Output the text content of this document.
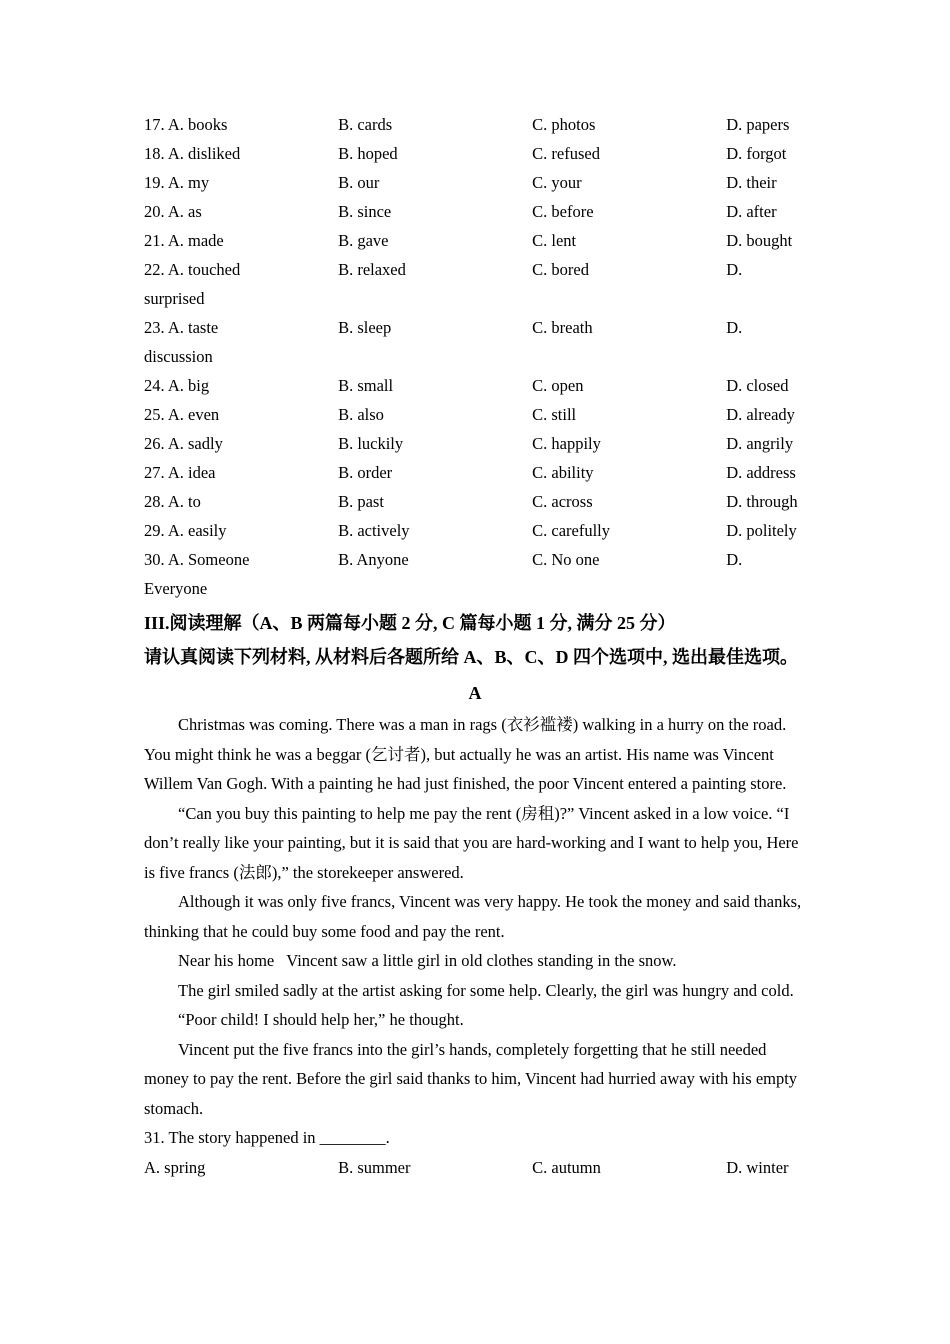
17. A. books	B. cards	C. photos	D. papers
18. A. disliked	B. hoped	C. refused	D. forgot
19. A. my	B. our	C. your	D. their
20. A. as	B. since	C. before	D. after
21. A. made	B. gave	C. lent	D. bought
22. A. touched	B. relaxed	C. bored	D.
surprised
23. A. taste	B. sleep	C. breath	D.
discussion
24. A. big	B. small	C. open	D. closed
25. A. even	B. also	C. still	D. already
26. A. sadly	B. luckily	C. happily	D. angrily
27. A. idea	B. order	C. ability	D. address
28. A. to	B. past	C. across	D. through
29. A. easily	B. actively	C. carefully	D. politely
30. A. Someone	B. Anyone	C. No one	D.
Everyone
III.阅读理解（A、B 两篇每小题 2 分, C 篇每小题 1 分, 满分 25 分）
请认真阅读下列材料, 从材料后各题所给 A、B、C、D 四个选项中, 选出最佳选项。
A

Christmas was coming. There was a man in rags (衣衫褴褛) walking in a hurry on the road. You might think he was a beggar (乞讨者), but actually he was an artist. His name was Vincent Willem Van Gogh. With a painting he had just finished, the poor Vincent entered a painting store.

“Can you buy this painting to help me pay the rent (房租)?” Vincent asked in a low voice. “I don’t really like your painting, but it is said that you are hard-working and I want to help you, Here is five francs (法郎),” the storekeeper answered.

Although it was only five francs, Vincent was very happy. He took the money and said thanks, thinking that he could buy some food and pay the rent.

Near his home   Vincent saw a little girl in old clothes standing in the snow.

The girl smiled sadly at the artist asking for some help. Clearly, the girl was hungry and cold.

“Poor child! I should help her,” he thought.

Vincent put the five francs into the girl’s hands, completely forgetting that he still needed money to pay the rent. Before the girl said thanks to him, Vincent had hurried away with his empty stomach.

31. The story happened in ________.

A. spring	B. summer	C. autumn	D. winter
